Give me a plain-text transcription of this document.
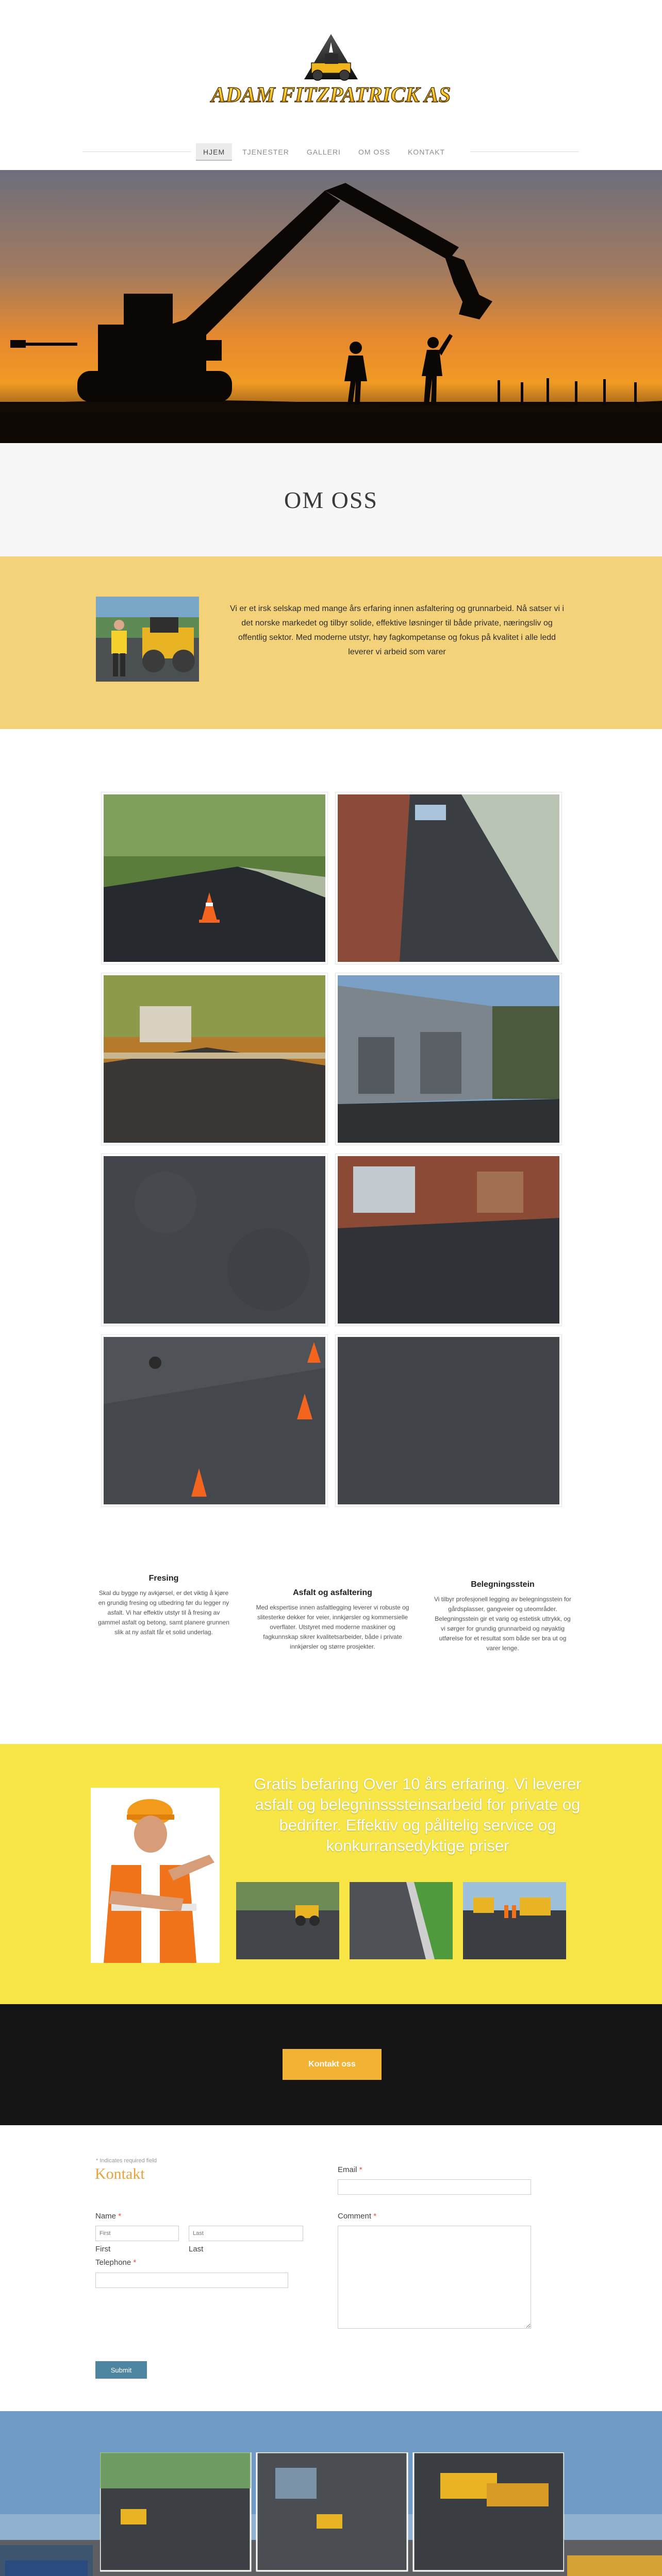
ADAM FITZPATRICK AS
HJEM	TJENESTER	GALLERI	OM OSS	KONTAKT
OM OSS

Vi er et irsk selskap med mange års erfaring innen asfaltering og grunnarbeid. Nå satser vi i det norske markedet og tilbyr solide, effektive løsninger til både private, næringsliv og offentlig sektor. Med moderne utstyr, høy fagkompetanse og fokus på kvalitet i alle ledd leverer vi arbeid som varer

Fresing

Skal du bygge ny avkjørsel, er det viktig å kjøre en grundig fresing og utbedring før du legger ny asfalt. Vi har effektiv utstyr til å fresing av gammel asfalt og betong, samt planere grunnen slik at ny asfalt får et solid underlag.

Asfalt og asfaltering

Med ekspertise innen asfaltlegging leverer vi robuste og slitesterke dekker for veier, innkjørsler og kommersielle overflater. Utstyret med moderne maskiner og fagkunnskap sikrer kvalitetsarbeider, både i private innkjørsler og større prosjekter.

Belegningsstein

Vi tilbyr profesjonell legging av belegningsstein for gårdsplasser, gangveier og uteområder. Belegningsstein gir et varig og estetisk uttrykk, og vi sørger for grundig grunnarbeid og nøyaktig utførelse for et resultat som både ser bra ut og varer lenge.

Gratis befaring Over 10 års erfaring. Vi leverer asfalt og belegninsssteinsarbeid for private og bedrifter. Effektiv og pålitelig service og konkurransedyktige priser
Kontakt oss
* Indicates required field
Kontakt
Name *
First
Last
First	Last
Telephone *
Email *
Comment *
Submit
